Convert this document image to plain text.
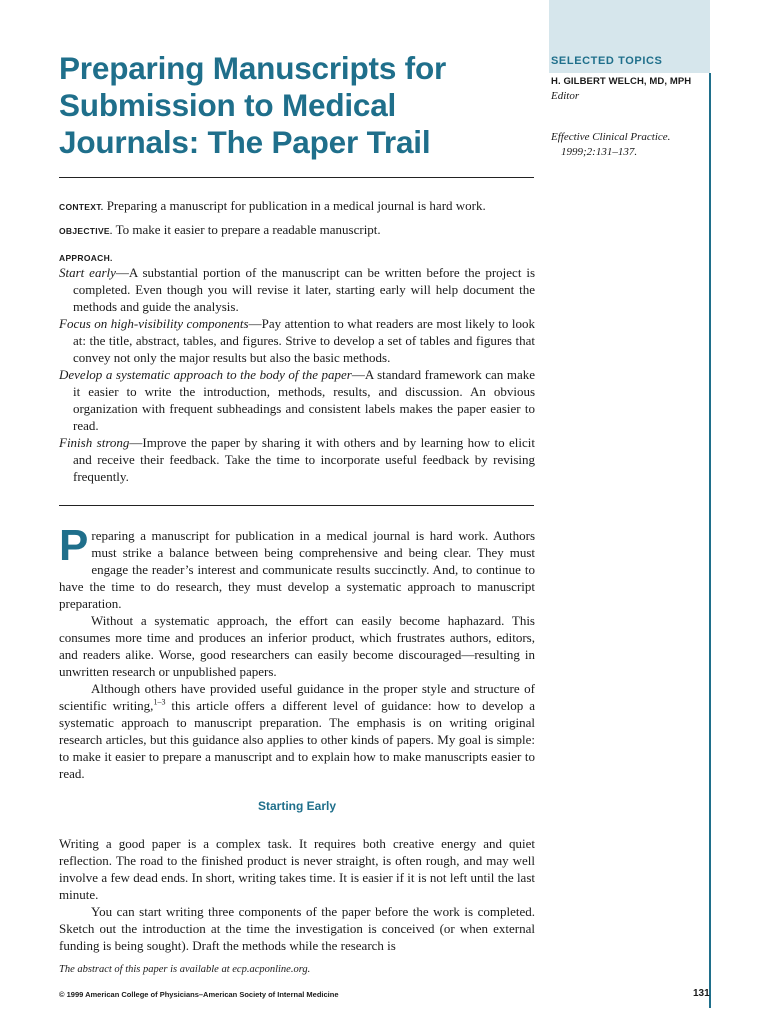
Preparing Manuscripts for Submission to Medical Journals: The Paper Trail
SELECTED TOPICS
H. GILBERT WELCH, MD, MPH
Editor
Effective Clinical Practice.
1999;2:131–137.
CONTEXT. Preparing a manuscript for publication in a medical journal is hard work.
OBJECTIVE. To make it easier to prepare a readable manuscript.
APPROACH.

Start early—A substantial portion of the manuscript can be written before the project is completed. Even though you will revise it later, starting early will help document the methods and guide the analysis.

Focus on high-visibility components—Pay attention to what readers are most likely to look at: the title, abstract, tables, and figures. Strive to develop a set of tables and figures that convey not only the major results but also the basic methods.

Develop a systematic approach to the body of the paper—A standard framework can make it easier to write the introduction, methods, results, and discussion. An obvious organization with frequent subheadings and consistent labels makes the paper easier to read.

Finish strong—Improve the paper by sharing it with others and by learning how to elicit and receive their feedback. Take the time to incorporate useful feedback by revising frequently.

Preparing a manuscript for publication in a medical journal is hard work. Authors must strike a balance between being comprehensive and being clear. They must engage the reader’s interest and communicate results succinctly. And, to continue to have the time to do research, they must develop a systematic approach to manuscript preparation.

Without a systematic approach, the effort can easily become haphazard. This consumes more time and produces an inferior product, which frustrates authors, editors, and readers alike. Worse, good researchers can easily become discouraged—resulting in unwritten research or unpublished papers.

Although others have provided useful guidance in the proper style and structure of scientific writing,$^{1-3}$ this article offers a different level of guidance: how to develop a systematic approach to manuscript preparation. The emphasis is on writing original research articles, but this guidance also applies to other kinds of papers. My goal is simple: to make it easier to prepare a manuscript and to explain how to make manuscripts easier to read.

Starting Early

Writing a good paper is a complex task. It requires both creative energy and quiet reflection. The road to the finished product is never straight, is often rough, and may well involve a few dead ends. In short, writing takes time. It is easier if it is not left until the last minute.

You can start writing three components of the paper before the work is completed. Sketch out the introduction at the time the investigation is conceived (or when external funding is being sought). Draft the methods while the research is

The abstract of this paper is available at ecp.acponline.org.
© 1999 American College of Physicians–American Society of Internal Medicine	131
